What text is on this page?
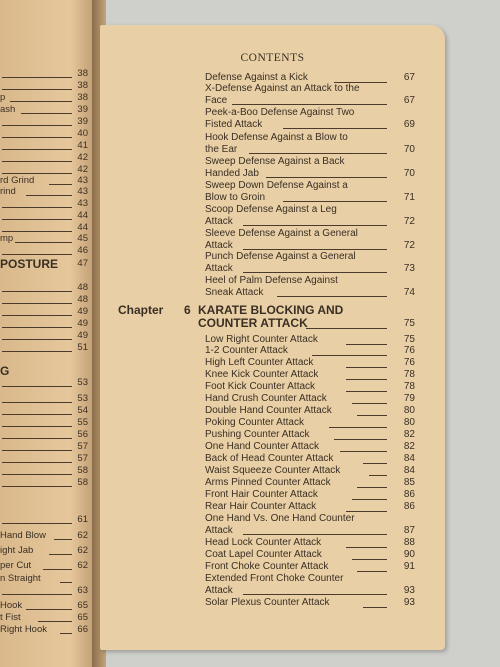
38
38
p	38
ash	39
39
40
41
42
42
rd Grind	43
rind	43
43
44
44
mp	45
46
POSTURE 47
48
48
49
49
49
51
G
53
53
54
55
56
57
57
58
58
61
Hand Blow	62
ight Jab	62
per Cut	62
n Straight
63
Hook	65
t Fist	65
Right Hook	66
CONTENTS
Defense Against a Kick	67
X-Defense Against an Attack to the
Face	67
Peek-a-Boo Defense Against Two
Fisted Attack	69
Hook Defense Against a Blow to
the Ear	70
Sweep Defense Against a Back
Handed Jab	70
Sweep Down Defense Against a
Blow to Groin	71
Scoop Defense Against a Leg
Attack	72
Sleeve Defense Against a General
Attack	72
Punch Defense Against a General
Attack	73
Heel of Palm Defense Against
Sneak Attack	74
Chapter 6 KARATE BLOCKING AND
COUNTER ATTACK	75
Low Right Counter Attack	75
1-2 Counter Attack	76
High Left Counter Attack	76
Knee Kick Counter Attack	78
Foot Kick Counter Attack	78
Hand Crush Counter Attack	79
Double Hand Counter Attack	80
Poking Counter Attack	80
Pushing Counter Attack	82
One Hand Counter Attack	82
Back of Head Counter Attack	84
Waist Squeeze Counter Attack	84
Arms Pinned Counter Attack	85
Front Hair Counter Attack	86
Rear Hair Counter Attack	86
One Hand Vs. One Hand Counter
Attack	87
Head Lock Counter Attack	88
Coat Lapel Counter Attack	90
Front Choke Counter Attack	91
Extended Front Choke Counter
Attack	93
Solar Plexus Counter Attack	93
